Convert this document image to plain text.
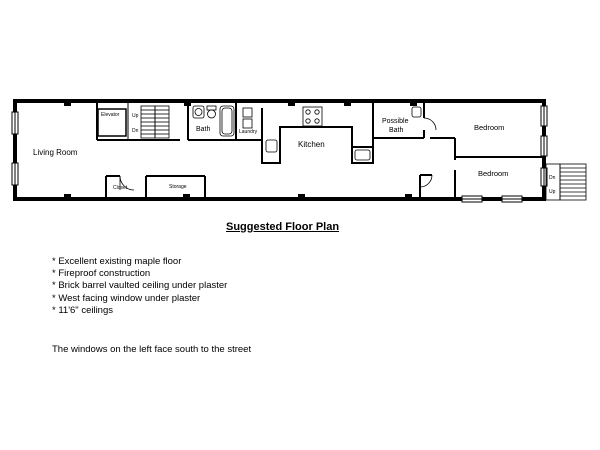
Elevator	Up
Dn	Bath	Laundry
Kitchen
Possible
Bath	Bedroom
Bedroom
Living Room
Closet	Storage
Dn
Up
Suggested Floor Plan
* Excellent existing maple floor
* Fireproof construction
* Brick barrel vaulted ceiling under plaster
* West facing window under plaster
* 11'6" ceilings
The windows on the left face south to the street
